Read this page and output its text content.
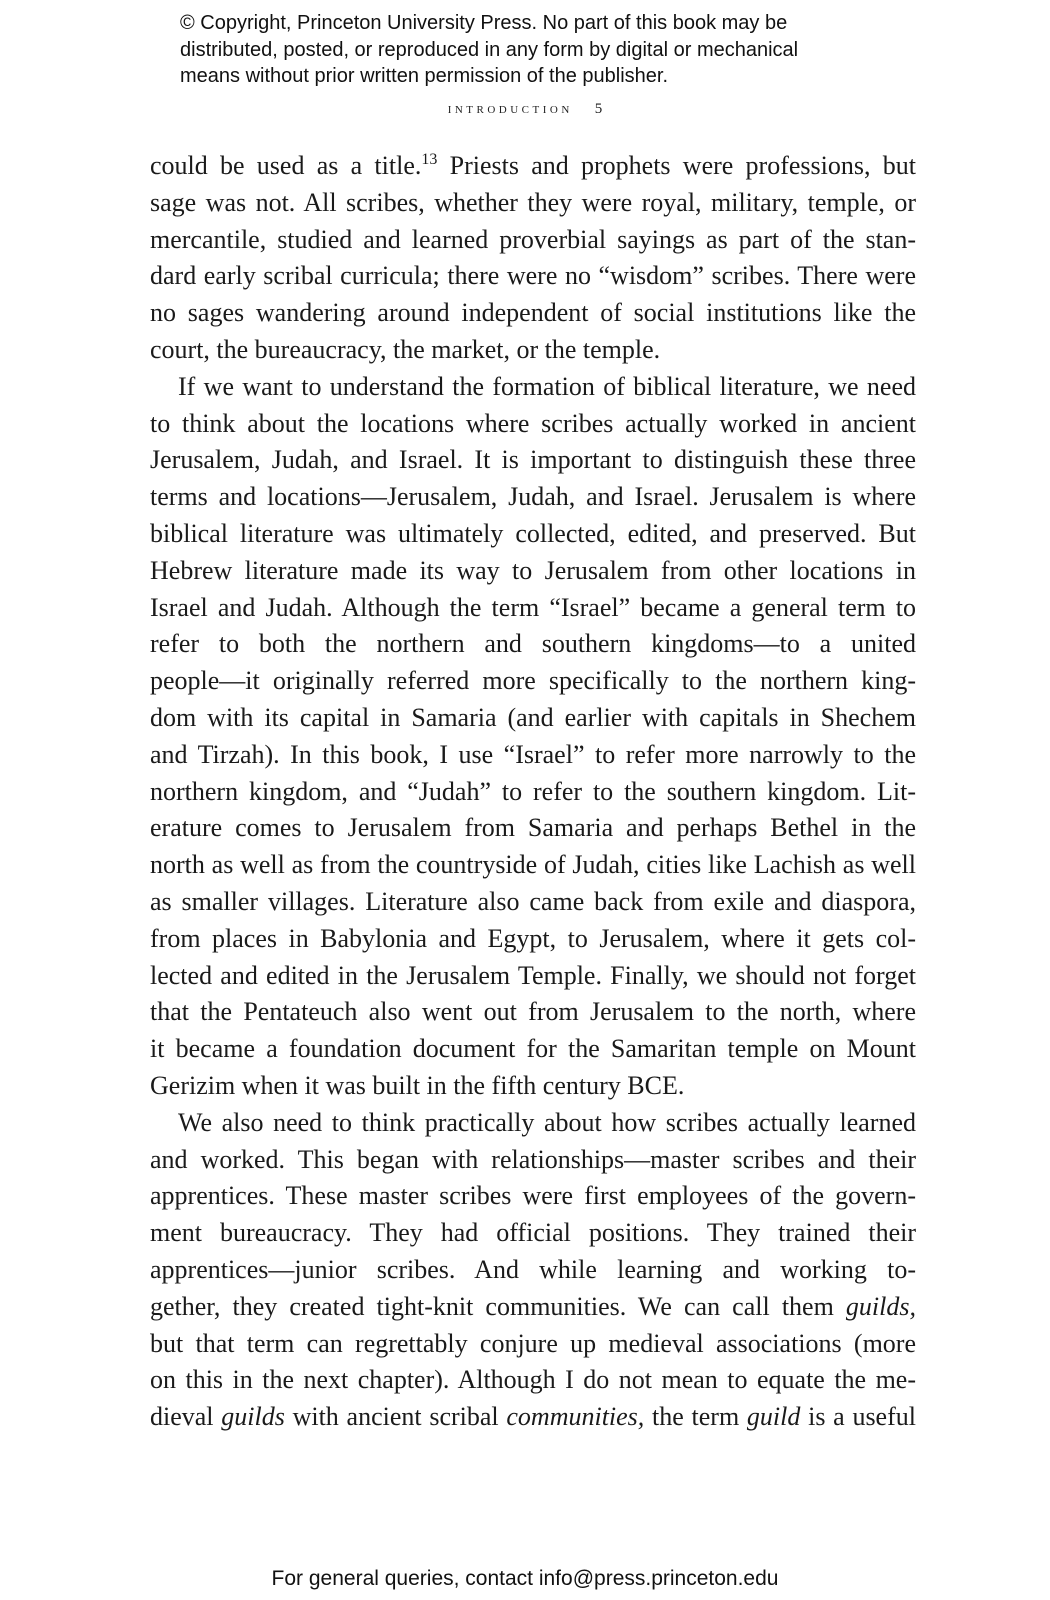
© Copyright, Princeton University Press. No part of this book may be
distributed, posted, or reproduced in any form by digital or mechanical
means without prior written permission of the publisher.
introduction 5
could be used as a title.$^{13}$ Priests and prophets were professions, but
sage was not. All scribes, whether they were royal, military, temple, or
mercantile, studied and learned proverbial sayings as part of the stan-
dard early scribal curricula; there were no “wisdom” scribes. There were
no sages wandering around independent of social institutions like the
court, the bureaucracy, the market, or the temple.
If we want to understand the formation of biblical literature, we need
to think about the locations where scribes actually worked in ancient
Jerusalem, Judah, and Israel. It is important to distinguish these three
terms and locations—Jerusalem, Judah, and Israel. Jerusalem is where
biblical literature was ultimately collected, edited, and preserved. But
Hebrew literature made its way to Jerusalem from other locations in
Israel and Judah. Although the term “Israel” became a general term to
refer to both the northern and southern kingdoms—to a united
people—it originally referred more specifically to the northern king-
dom with its capital in Samaria (and earlier with capitals in Shechem
and Tirzah). In this book, I use “Israel” to refer more narrowly to the
northern kingdom, and “Judah” to refer to the southern kingdom. Lit-
erature comes to Jerusalem from Samaria and perhaps Bethel in the
north as well as from the countryside of Judah, cities like Lachish as well
as smaller villages. Literature also came back from exile and diaspora,
from places in Babylonia and Egypt, to Jerusalem, where it gets col-
lected and edited in the Jerusalem Temple. Finally, we should not forget
that the Pentateuch also went out from Jerusalem to the north, where
it became a foundation document for the Samaritan temple on Mount
Gerizim when it was built in the fifth century BCE.
We also need to think practically about how scribes actually learned
and worked. This began with relationships—master scribes and their
apprentices. These master scribes were first employees of the govern-
ment bureaucracy. They had official positions. They trained their
apprentices—junior scribes. And while learning and working to-
gether, they created tight-knit communities. We can call them guilds,
but that term can regrettably conjure up medieval associations (more
on this in the next chapter). Although I do not mean to equate the me-
dieval guilds with ancient scribal communities, the term guild is a useful
For general queries, contact info@press.princeton.edu
